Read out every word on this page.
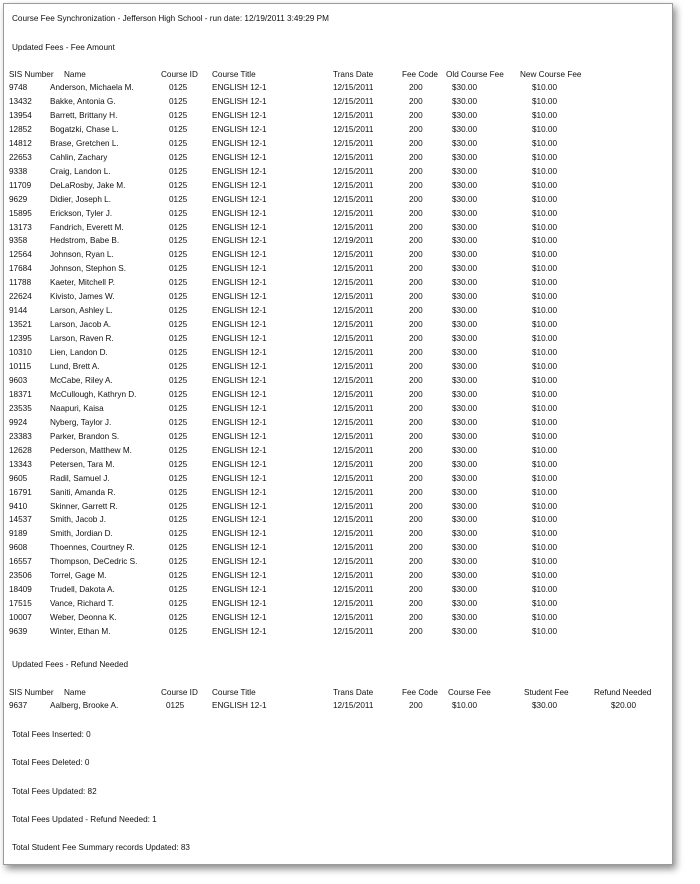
Course Fee Synchronization - Jefferson High School - run date: 12/19/2011 3:49:29 PM
Updated Fees - Fee Amount
SIS Number Name	Course ID Course Title	Trans Date	Fee Code Old Course Fee New Course Fee
9748	Anderson, Michaela M.	0125	ENGLISH 12-1	12/15/2011	200	$30.00	$10.00
13432 Bakke, Antonia G.	0125	ENGLISH 12-1	12/15/2011	200	$30.00	$10.00
13954 Barrett, Brittany H.	0125	ENGLISH 12-1	12/15/2011	200	$30.00	$10.00
12852 Bogatzki, Chase L.	0125	ENGLISH 12-1	12/15/2011	200	$30.00	$10.00
14812 Brase, Gretchen L.	0125	ENGLISH 12-1	12/15/2011	200	$30.00	$10.00
22653 Cahlin, Zachary	0125	ENGLISH 12-1	12/15/2011	200	$30.00	$10.00
9338	Craig, Landon L.	0125	ENGLISH 12-1	12/15/2011	200	$30.00	$10.00
11709 DeLaRosby, Jake M.	0125	ENGLISH 12-1	12/15/2011	200	$30.00	$10.00
9629	Didier, Joseph L.	0125	ENGLISH 12-1	12/15/2011	200	$30.00	$10.00
15895 Erickson, Tyler J.	0125	ENGLISH 12-1	12/15/2011	200	$30.00	$10.00
13173 Fandrich, Everett M.	0125	ENGLISH 12-1	12/15/2011	200	$30.00	$10.00
9358	Hedstrom, Babe B.	0125	ENGLISH 12-1	12/19/2011	200	$30.00	$10.00
12564 Johnson, Ryan L.	0125	ENGLISH 12-1	12/15/2011	200	$30.00	$10.00
17684 Johnson, Stephon S.	0125	ENGLISH 12-1	12/15/2011	200	$30.00	$10.00
11788 Kaeter, Mitchell P.	0125	ENGLISH 12-1	12/15/2011	200	$30.00	$10.00
22624 Kivisto, James W.	0125	ENGLISH 12-1	12/15/2011	200	$30.00	$10.00
9144	Larson, Ashley L.	0125	ENGLISH 12-1	12/15/2011	200	$30.00	$10.00
13521 Larson, Jacob A.	0125	ENGLISH 12-1	12/15/2011	200	$30.00	$10.00
12395 Larson, Raven R.	0125	ENGLISH 12-1	12/15/2011	200	$30.00	$10.00
10310 Lien, Landon D.	0125	ENGLISH 12-1	12/15/2011	200	$30.00	$10.00
10115 Lund, Brett A.	0125	ENGLISH 12-1	12/15/2011	200	$30.00	$10.00
9603	McCabe, Riley A.	0125	ENGLISH 12-1	12/15/2011	200	$30.00	$10.00
18371 McCullough, Kathryn D.	0125	ENGLISH 12-1	12/15/2011	200	$30.00	$10.00
23535 Naapuri, Kaisa	0125	ENGLISH 12-1	12/15/2011	200	$30.00	$10.00
9924	Nyberg, Taylor J.	0125	ENGLISH 12-1	12/15/2011	200	$30.00	$10.00
23383 Parker, Brandon S.	0125	ENGLISH 12-1	12/15/2011	200	$30.00	$10.00
12628 Pederson, Matthew M.	0125	ENGLISH 12-1	12/15/2011	200	$30.00	$10.00
13343 Petersen, Tara M.	0125	ENGLISH 12-1	12/15/2011	200	$30.00	$10.00
9605	Radil, Samuel J.	0125	ENGLISH 12-1	12/15/2011	200	$30.00	$10.00
16791 Saniti, Amanda R.	0125	ENGLISH 12-1	12/15/2011	200	$30.00	$10.00
9410	Skinner, Garrett R.	0125	ENGLISH 12-1	12/15/2011	200	$30.00	$10.00
14537 Smith, Jacob J.	0125	ENGLISH 12-1	12/15/2011	200	$30.00	$10.00
9189	Smith, Jordian D.	0125	ENGLISH 12-1	12/15/2011	200	$30.00	$10.00
9608	Thoennes, Courtney R.	0125	ENGLISH 12-1	12/15/2011	200	$30.00	$10.00
16557 Thompson, DeCedric S.	0125	ENGLISH 12-1	12/15/2011	200	$30.00	$10.00
23506 Torrel, Gage M.	0125	ENGLISH 12-1	12/15/2011	200	$30.00	$10.00
18409 Trudell, Dakota A.	0125	ENGLISH 12-1	12/15/2011	200	$30.00	$10.00
17515 Vance, Richard T.	0125	ENGLISH 12-1	12/15/2011	200	$30.00	$10.00
10007 Weber, Deonna K.	0125	ENGLISH 12-1	12/15/2011	200	$30.00	$10.00
9639	Winter, Ethan M.	0125	ENGLISH 12-1	12/15/2011	200	$30.00	$10.00
Updated Fees - Refund Needed
SIS Number Name	Course ID Course Title	Trans Date	Fee Code Course Fee	Student Fee	Refund Needed
9637	Aalberg, Brooke A.	0125	ENGLISH 12-1	12/15/2011	200	$10.00	$30.00	$20.00
Total Fees Inserted: 0
Total Fees Deleted: 0
Total Fees Updated: 82
Total Fees Updated - Refund Needed: 1
Total Student Fee Summary records Updated: 83
